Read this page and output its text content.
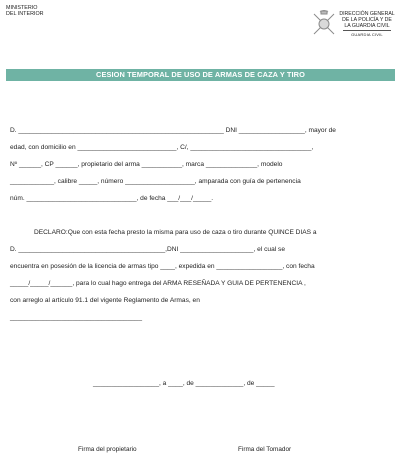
MINISTERIO
DEL INTERIOR	DIRECCIÓN GENERAL
DE LA POLICÍA Y DE
LA GUARDIA CIVIL
GUARDIA CIVIL
CESION TEMPORAL DE USO DE ARMAS DE CAZA Y TIRO
D. ________________________________________________________ DNI __________________, mayor de
edad, con domicilio en ___________________________, C/, _________________________________,
Nº ______, CP ______, propietario del arma ___________, marca ______________, modelo
____________, calibre _____, número ___________________, amparada con guía de pertenencia
núm. ______________________________, de fecha ___/___/_____.
DECLARO:Que con esta fecha presto la misma para uso de caza o tiro durante QUINCE DIAS a
D. ________________________________________,DNI ____________________, el cual se
encuentra en posesión de la licencia de armas tipo ____, expedida en __________________, con fecha
_____/_____/______, para lo cual hago entrega del ARMA RESEÑADA Y GUIA DE PERTENENCIA ,
con arreglo al artículo 91.1 del vigente Reglamento de Armas, en
____________________________________
__________________, a ____, de _____________, de _____
Firma del propietario	Firma del Tomador
